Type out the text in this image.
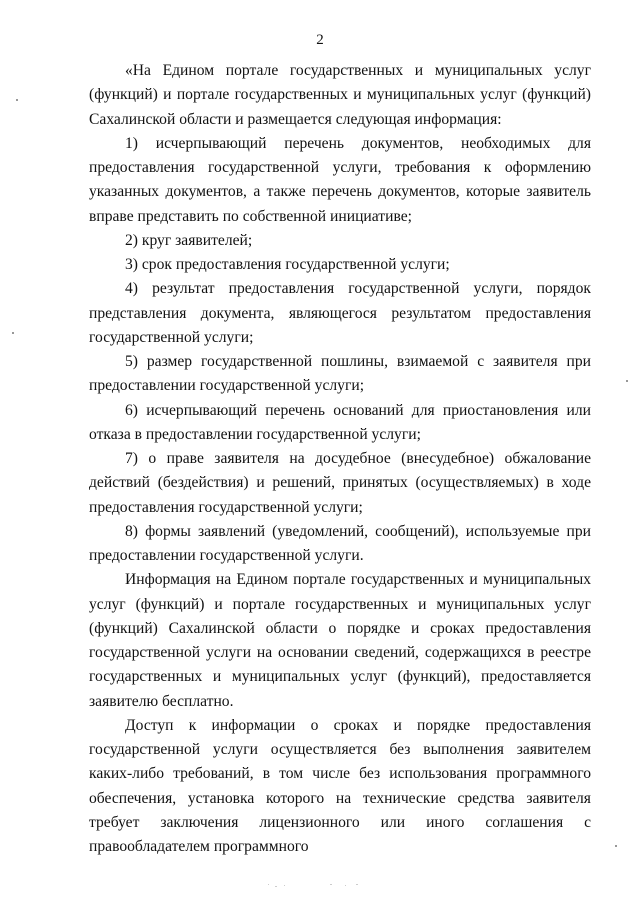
2

«На Едином портале государственных и муниципальных услуг (функций) и портале государственных и муниципальных услуг (функций) Сахалинской области и размещается следующая информация:

1) исчерпывающий перечень документов, необходимых для предоставления государственной услуги, требования к оформлению указанных документов, а также перечень документов, которые заявитель вправе представить по собственной инициативе;

2) круг заявителей;

3) срок предоставления государственной услуги;

4) результат предоставления государственной услуги, порядок представления документа, являющегося результатом предоставления государственной услуги;

5) размер государственной пошлины, взимаемой с заявителя при предоставлении государственной услуги;

6) исчерпывающий перечень оснований для приостановления или отказа в предоставлении государственной услуги;

7) о праве заявителя на досудебное (внесудебное) обжалование действий (бездействия) и решений, принятых (осуществляемых) в ходе предоставления государственной услуги;

8) формы заявлений (уведомлений, сообщений), используемые при предоставлении государственной услуги.

Информация на Едином портале государственных и муниципальных услуг (функций) и портале государственных и муниципальных услуг (функций) Сахалинской области о порядке и сроках предоставления государственной услуги на основании сведений, содержащихся в реестре государственных и муниципальных услуг (функций), предоставляется заявителю бесплатно.

Доступ к информации о сроках и порядке предоставления государственной услуги осуществляется без выполнения заявителем каких-либо требований, в том числе без использования программного обеспечения, установка которого на технические средства заявителя требует заключения лицензионного или иного соглашения с правообладателем программного
